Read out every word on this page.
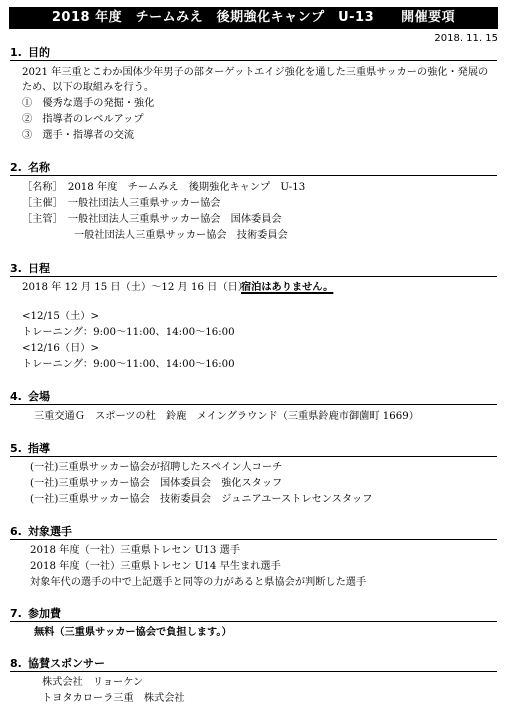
2018 年度　チームみえ　後期強化キャンプ　U-13　　開催要項
2018. 11. 15
1. 目的
2021 年三重とこわか国体少年男子の部ターゲットエイジ強化を通した三重県サッカーの強化・発展の
ため、以下の取組みを行う。
①　優秀な選手の発掘・強化
②　指導者のレベルアップ
③　選手・指導者の交流
2. 名称
［名称］　2018 年度　チームみえ　後期強化キャンプ　U-13
［主催］　一般社団法人三重県サッカー協会
［主管］　一般社団法人三重県サッカー協会　国体委員会
一般社団法人三重県サッカー協会　技術委員会
3. 日程
2018 年 12 月 15 日（土）～12 月 16 日（日）
宿泊はありません。
<12/15（土）>
トレーニング：9:00～11:00、14:00～16:00
<12/16（日）>
トレーニング：9:00～11:00、14:00～16:00
4. 会場
三重交通Ｇ　スポーツの杜　鈴鹿　メイングラウンド（三重県鈴鹿市御薗町 1669）
5. 指導
(一社)三重県サッカー協会が招聘したスペイン人コーチ
(一社)三重県サッカー協会　国体委員会　強化スタッフ
(一社)三重県サッカー協会　技術委員会　ジュニアユーストレセンスタッフ
6. 対象選手
2018 年度（一社）三重県トレセン U13 選手
2018 年度（一社）三重県トレセン U14 早生まれ選手
対象年代の選手の中で上記選手と同等の力があると県協会が判断した選手
7. 参加費
無料（三重県サッカー協会で負担します。）
8. 協賛スポンサー
株式会社　リョーケン
トヨタカローラ三重　株式会社
